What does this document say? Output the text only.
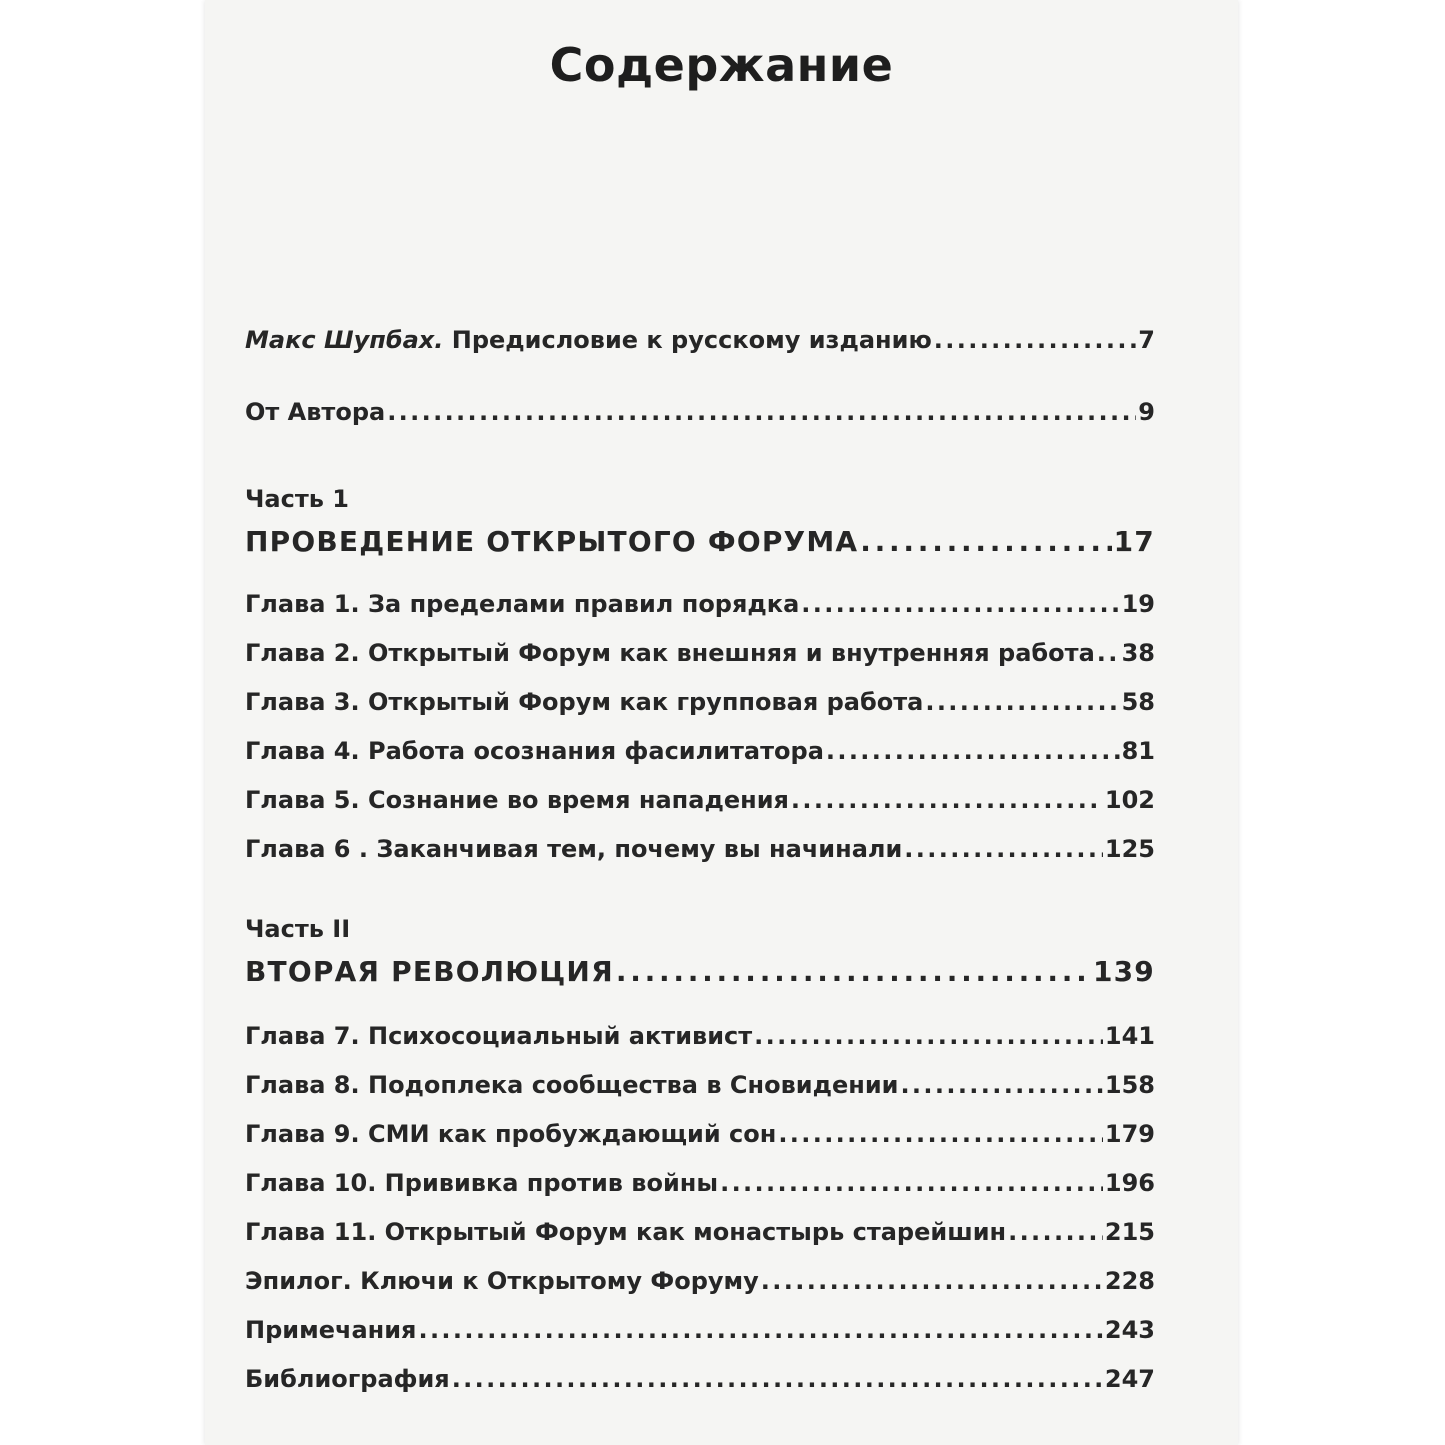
Содержание
Макс Шупбах. Предисловие к русскому изданию . . .	7
От Автора . . .	9
Часть 1
ПРОВЕДЕНИЕ ОТКРЫТОГО ФОРУМА . . .	17
Глава 1. За пределами правил порядка . . .	19
Глава 2. Открытый Форум как внешняя и внутренняя работа . . . 38
Глава 3. Открытый Форум как групповая работа . . .	58
Глава 4. Работа осознания фасилитатора . . .	81
Глава 5. Сознание во время нападения . . .	102
Глава 6 . Заканчивая тем, почему вы начинали . . .	125
Часть II
ВТОРАЯ РЕВОЛЮЦИЯ . . .	139
Глава 7. Психосоциальный активист . . .	141
Глава 8. Подоплека сообщества в Сновидении . . .	158
Глава 9. СМИ как пробуждающий сон . . .	179
Глава 10. Прививка против войны . . .	196
Глава 11. Открытый Форум как монастырь старейшин . . .	215
Эпилог. Ключи к Открытому Форуму . . .	228
Примечания . . .	243
Библиография . . .	247
